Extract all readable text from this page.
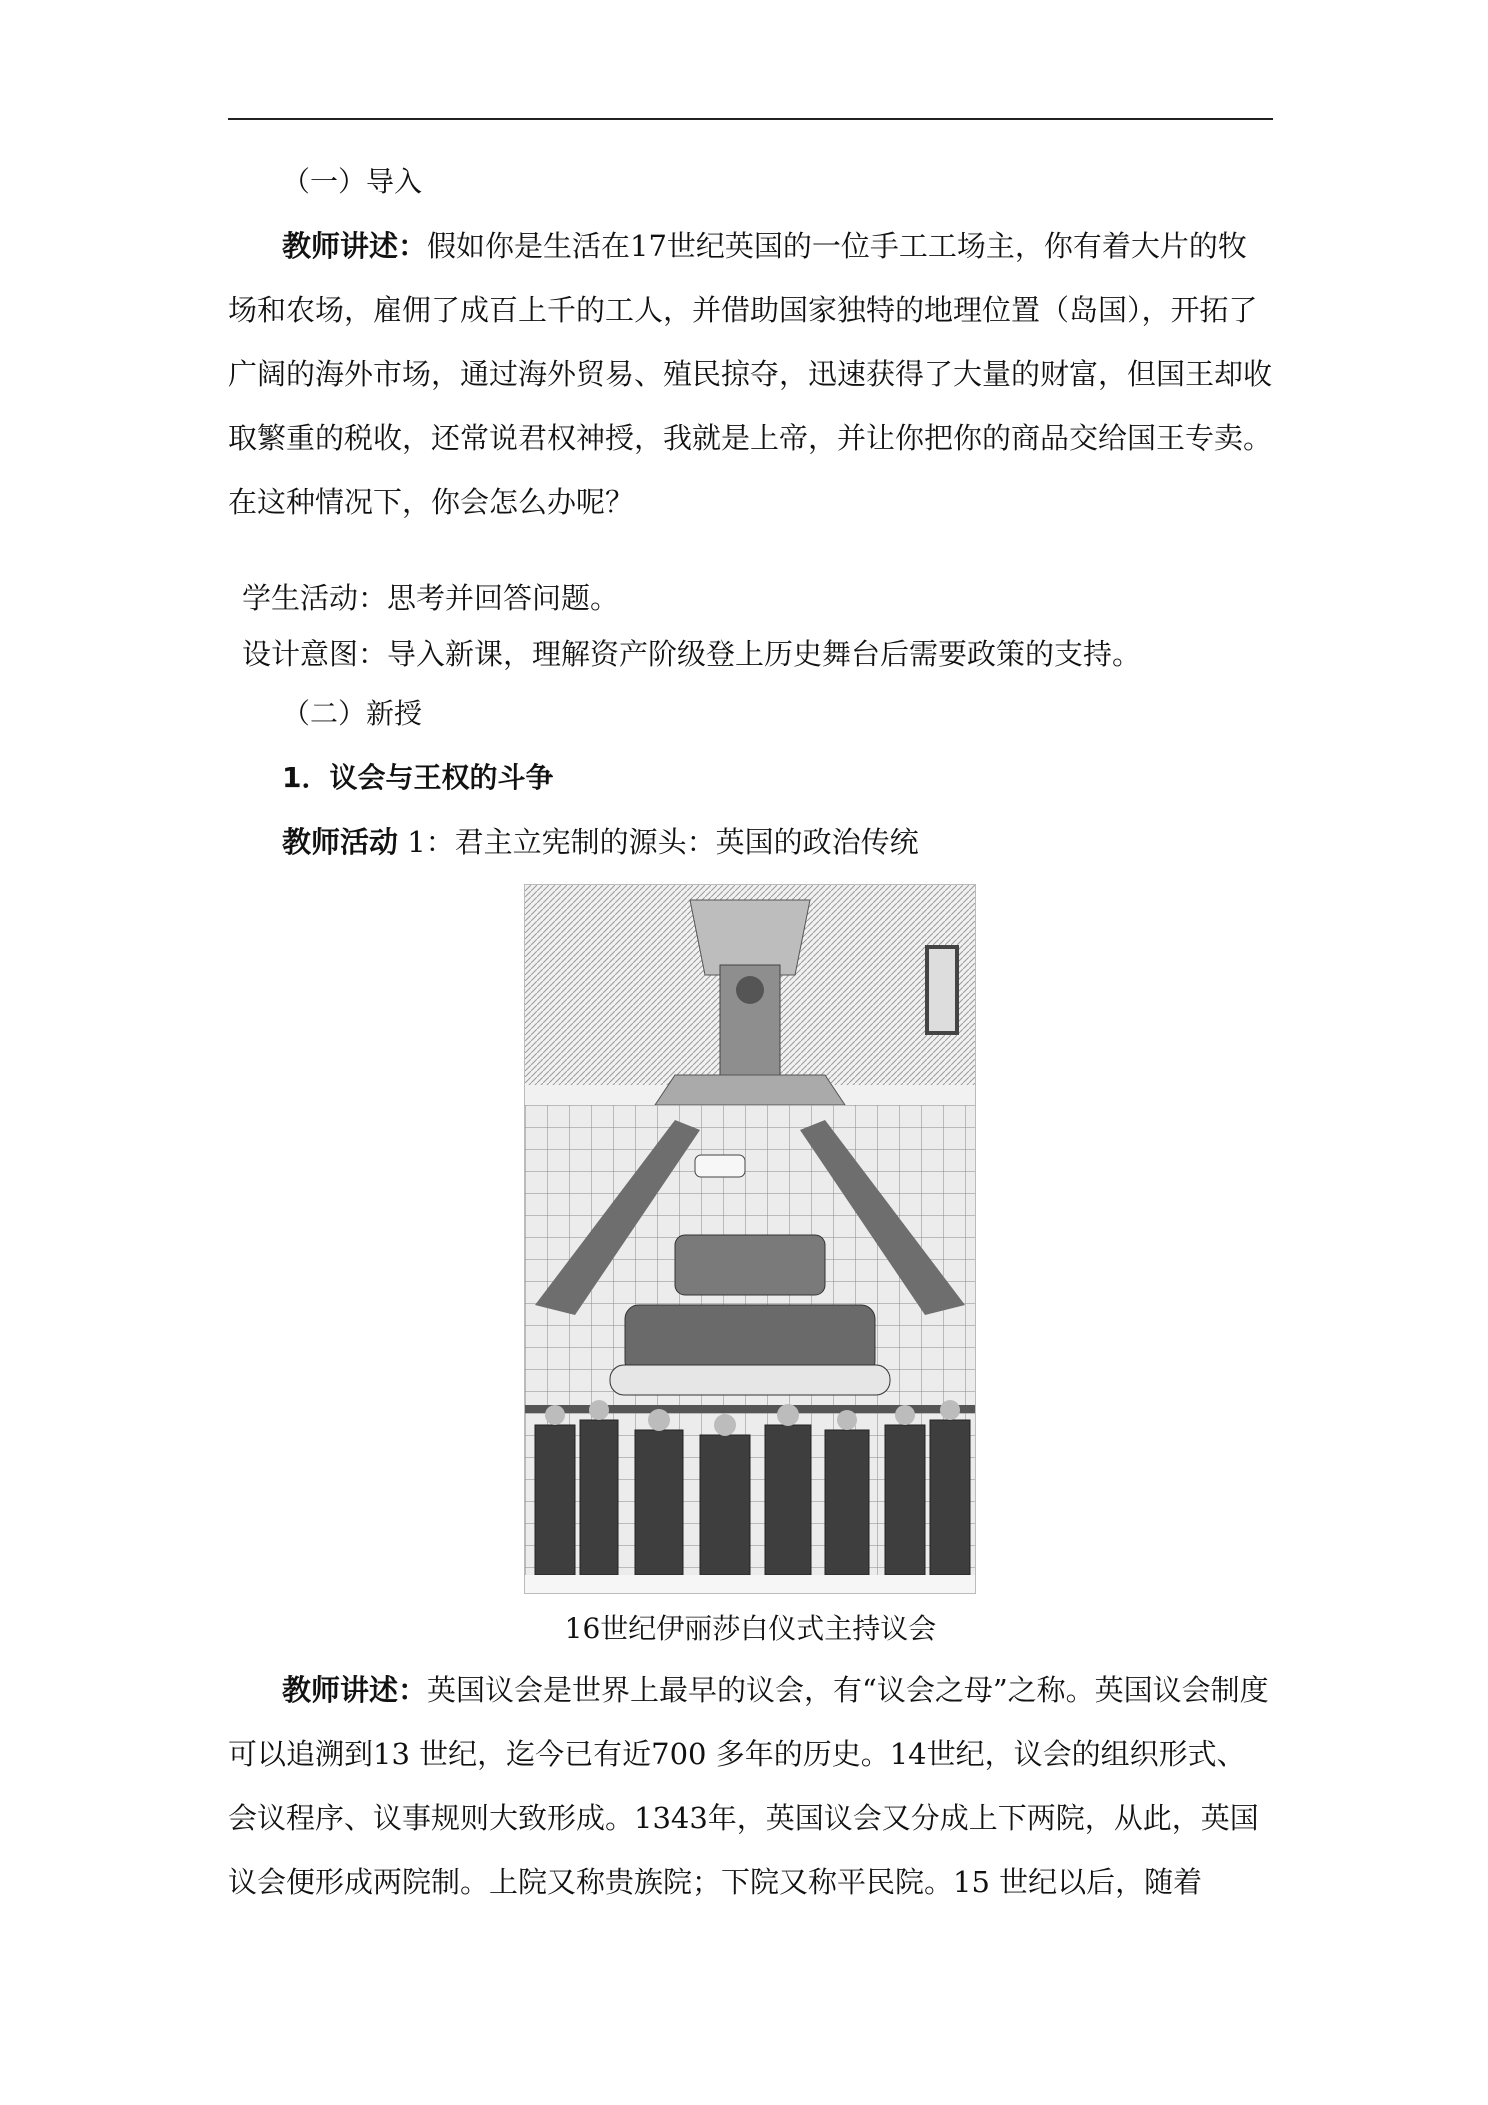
（一）导入

教师讲述：假如你是生活在17世纪英国的一位手工工场主，你有着大片的牧场和农场，雇佣了成百上千的工人，并借助国家独特的地理位置（岛国），开拓了广阔的海外市场，通过海外贸易、殖民掠夺，迅速获得了大量的财富，但国王却收取繁重的税收，还常说君权神授，我就是上帝，并让你把你的商品交给国王专卖。在这种情况下，你会怎么办呢？

学生活动：思考并回答问题。

设计意图：导入新课，理解资产阶级登上历史舞台后需要政策的支持。

（二）新授

1．议会与王权的斗争

教师活动 1：君主立宪制的源头：英国的政治传统

16世纪伊丽莎白仪式主持议会

教师讲述：英国议会是世界上最早的议会，有“议会之母”之称。英国议会制度可以追溯到13 世纪，迄今已有近700 多年的历史。14世纪，议会的组织形式、会议程序、议事规则大致形成。1343年，英国议会又分成上下两院，从此，英国议会便形成两院制。上院又称贵族院；下院又称平民院。15 世纪以后，随着
